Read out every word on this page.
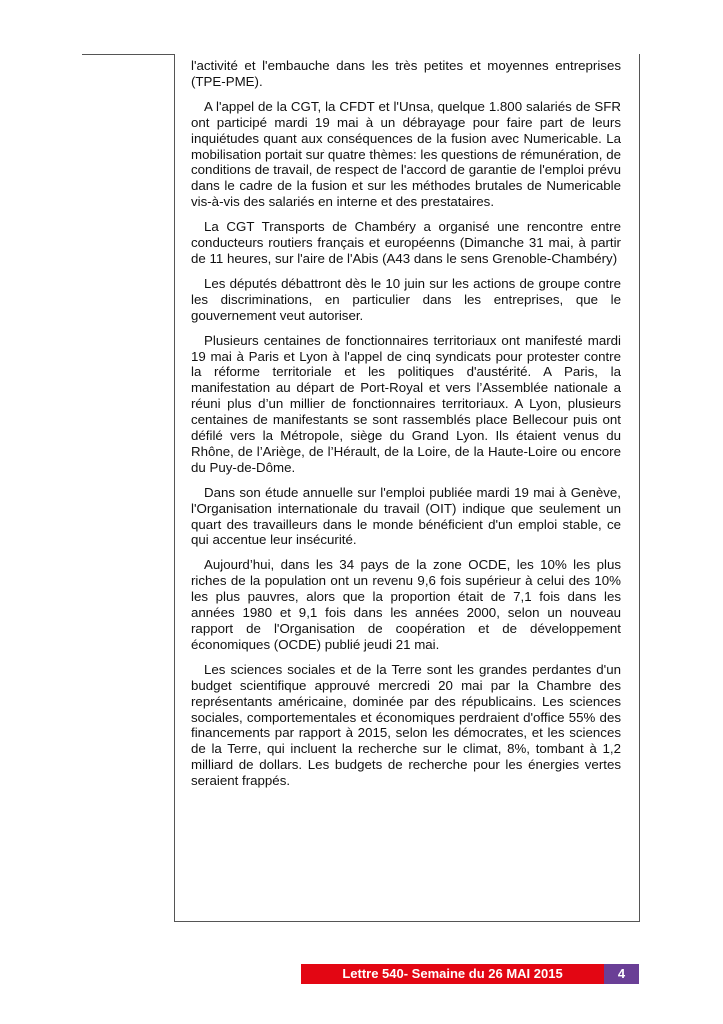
l'activité et l'embauche dans les très petites et moyennes entreprises (TPE-PME).

A l'appel de la CGT, la CFDT et l'Unsa, quelque 1.800 salariés de SFR ont participé mardi 19 mai à un débrayage pour faire part de leurs inquiétudes quant aux conséquences de la fusion avec Numericable. La mobilisation portait sur quatre thèmes: les questions de rémunération, de conditions de travail, de respect de l'accord de garantie de l'emploi prévu dans le cadre de la fusion et sur les méthodes brutales de Numericable vis-à-vis des salariés en interne et des prestataires.

La CGT Transports de Chambéry a organisé une rencontre entre conducteurs routiers français et européenns (Dimanche 31 mai, à partir de 11 heures, sur l'aire de l'Abis (A43 dans le sens Grenoble-Chambéry)

Les députés débattront dès le 10 juin sur les actions de groupe contre les discriminations, en particulier dans les entreprises, que le gouvernement veut autoriser.

Plusieurs centaines de fonctionnaires territoriaux ont manifesté mardi 19 mai à Paris et Lyon à l'appel de cinq syndicats pour protester contre la réforme territoriale et les politiques d'austérité. A Paris, la manifestation au départ de Port-Royal et vers l’Assemblée nationale a réuni plus d’un millier de fonctionnaires territoriaux. A Lyon, plusieurs centaines de manifestants se sont rassemblés place Bellecour puis ont défilé vers la Métropole, siège du Grand Lyon. Ils étaient venus du Rhône, de l’Ariège, de l’Hérault, de la Loire, de la Haute-Loire ou encore du Puy-de-Dôme.

Dans son étude annuelle sur l'emploi publiée mardi 19 mai à Genève, l'Organisation internationale du travail (OIT) indique que seulement un quart des travailleurs dans le monde bénéficient d'un emploi stable, ce qui accentue leur insécurité.

Aujourd’hui, dans les 34 pays de la zone OCDE, les 10% les plus riches de la population ont un revenu 9,6 fois supérieur à celui des 10% les plus pauvres, alors que la proportion était de 7,1 fois dans les années 1980 et 9,1 fois dans les années 2000, selon un nouveau rapport de l'Organisation de coopération et de développement économiques (OCDE) publié jeudi 21 mai.

Les sciences sociales et de la Terre sont les grandes perdantes d'un budget scientifique approuvé mercredi 20 mai par la Chambre des représentants américaine, dominée par des républicains. Les sciences sociales, comportementales et économiques perdraient d'office 55% des financements par rapport à 2015, selon les démocrates, et les sciences de la Terre, qui incluent la recherche sur le climat, 8%, tombant à 1,2 milliard de dollars. Les budgets de recherche pour les énergies vertes seraient frappés.

Lettre 540- Semaine du 26 MAI 2015	4
